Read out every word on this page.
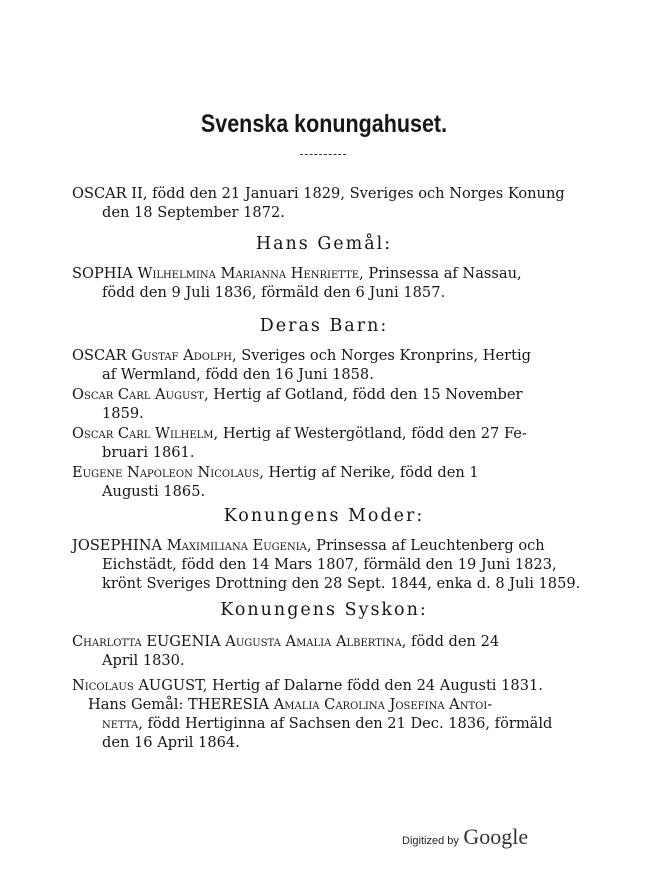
Svenska konungahuset.
OSCAR II, född den 21 Januari 1829, Sveriges och Norges Konung
den 18 September 1872.
Hans Gemål:
SOPHIA Wilhelmina Marianna Henriette, Prinsessa af Nassau,
född den 9 Juli 1836, förmäld den 6 Juni 1857.
Deras Barn:
OSCAR Gustaf Adolph, Sveriges och Norges Kronprins, Hertig
af Wermland, född den 16 Juni 1858.
Oscar Carl August, Hertig af Gotland, född den 15 November
1859.
Oscar Carl Wilhelm, Hertig af Westergötland, född den 27 Fe-
bruari 1861.
Eugene Napoleon Nicolaus, Hertig af Nerike, född den 1
Augusti 1865.
Konungens Moder:
JOSEPHINA Maximiliana Eugenia, Prinsessa af Leuchtenberg och
Eichstädt, född den 14 Mars 1807, förmäld den 19 Juni 1823,
krönt Sveriges Drottning den 28 Sept. 1844, enka d. 8 Juli 1859.
Konungens Syskon:
Charlotta EUGENIA Augusta Amalia Albertina, född den 24
April 1830.
Nicolaus AUGUST, Hertig af Dalarne född den 24 Augusti 1831.
Hans Gemål: THERESIA Amalia Carolina Josefina Antoi-
netta, född Hertiginna af Sachsen den 21 Dec. 1836, förmäld
den 16 April 1864.
Digitized by Google
